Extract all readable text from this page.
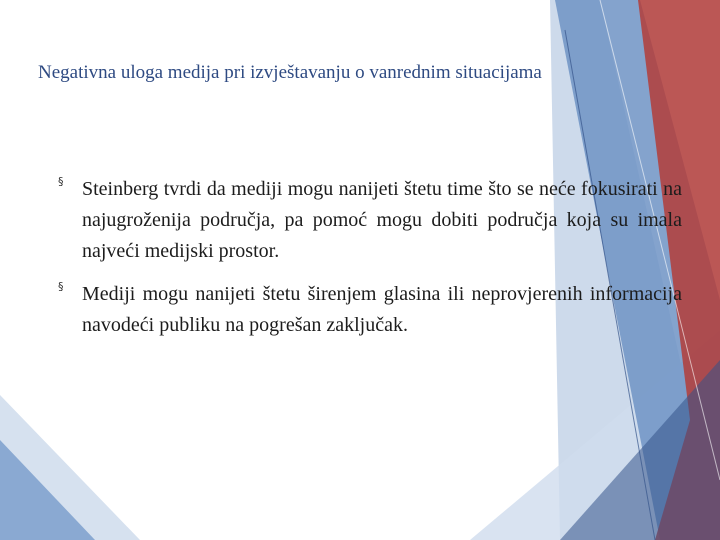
Negativna uloga medija pri izvještavanju o vanrednim situacijama
§ Steinberg tvrdi da mediji mogu nanijeti štetu time što se neće fokusirati na najugroženija područja, pa pomoć mogu dobiti područja koja su imala najveći medijski prostor.
§ Mediji mogu nanijeti štetu širenjem glasina ili neprovjerenih informacija navodeći publiku na pogrešan zaključak.
